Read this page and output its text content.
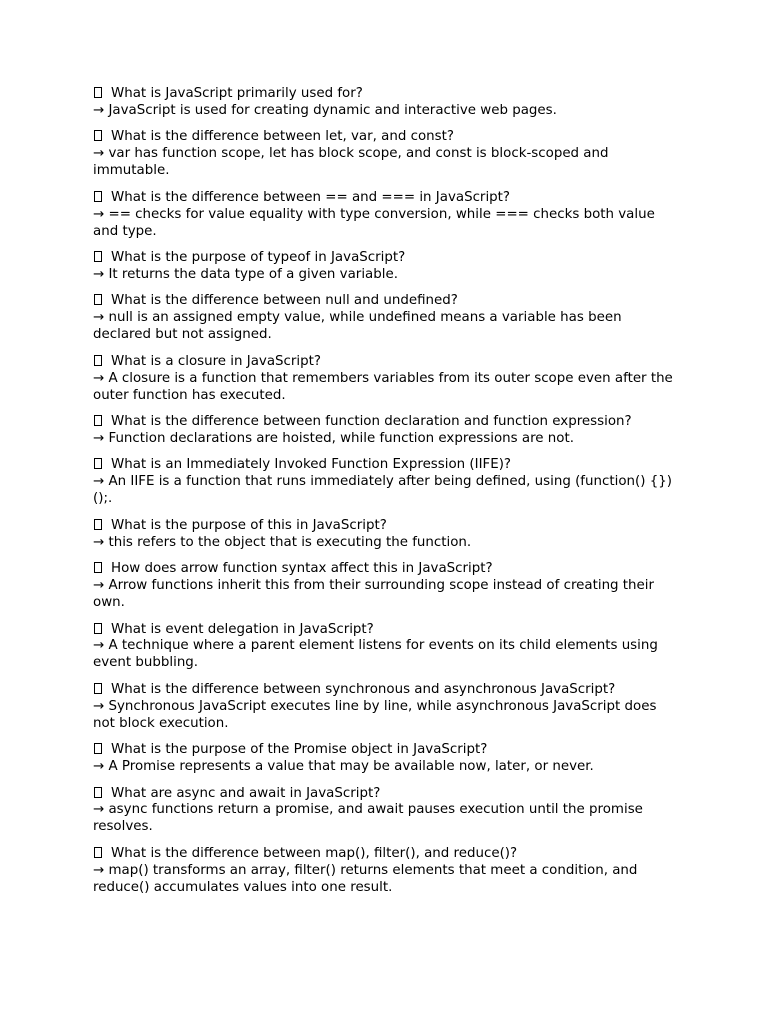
What is JavaScript primarily used for?
→ JavaScript is used for creating dynamic and interactive web pages.
What is the difference between let, var, and const?
→ var has function scope, let has block scope, and const is block-scoped and immutable.
What is the difference between == and === in JavaScript?
→ == checks for value equality with type conversion, while === checks both value and type.
What is the purpose of typeof in JavaScript?
→ It returns the data type of a given variable.
What is the difference between null and undefined?
→ null is an assigned empty value, while undefined means a variable has been declared but not assigned.
What is a closure in JavaScript?
→ A closure is a function that remembers variables from its outer scope even after the outer function has executed.
What is the difference between function declaration and function expression?
→ Function declarations are hoisted, while function expressions are not.
What is an Immediately Invoked Function Expression (IIFE)?
→ An IIFE is a function that runs immediately after being defined, using (function() {})();.
What is the purpose of this in JavaScript?
→ this refers to the object that is executing the function.
How does arrow function syntax affect this in JavaScript?
→ Arrow functions inherit this from their surrounding scope instead of creating their own.
What is event delegation in JavaScript?
→ A technique where a parent element listens for events on its child elements using event bubbling.
What is the difference between synchronous and asynchronous JavaScript?
→ Synchronous JavaScript executes line by line, while asynchronous JavaScript does not block execution.
What is the purpose of the Promise object in JavaScript?
→ A Promise represents a value that may be available now, later, or never.
What are async and await in JavaScript?
→ async functions return a promise, and await pauses execution until the promise resolves.
What is the difference between map(), filter(), and reduce()?
→ map() transforms an array, filter() returns elements that meet a condition, and reduce() accumulates values into one result.
